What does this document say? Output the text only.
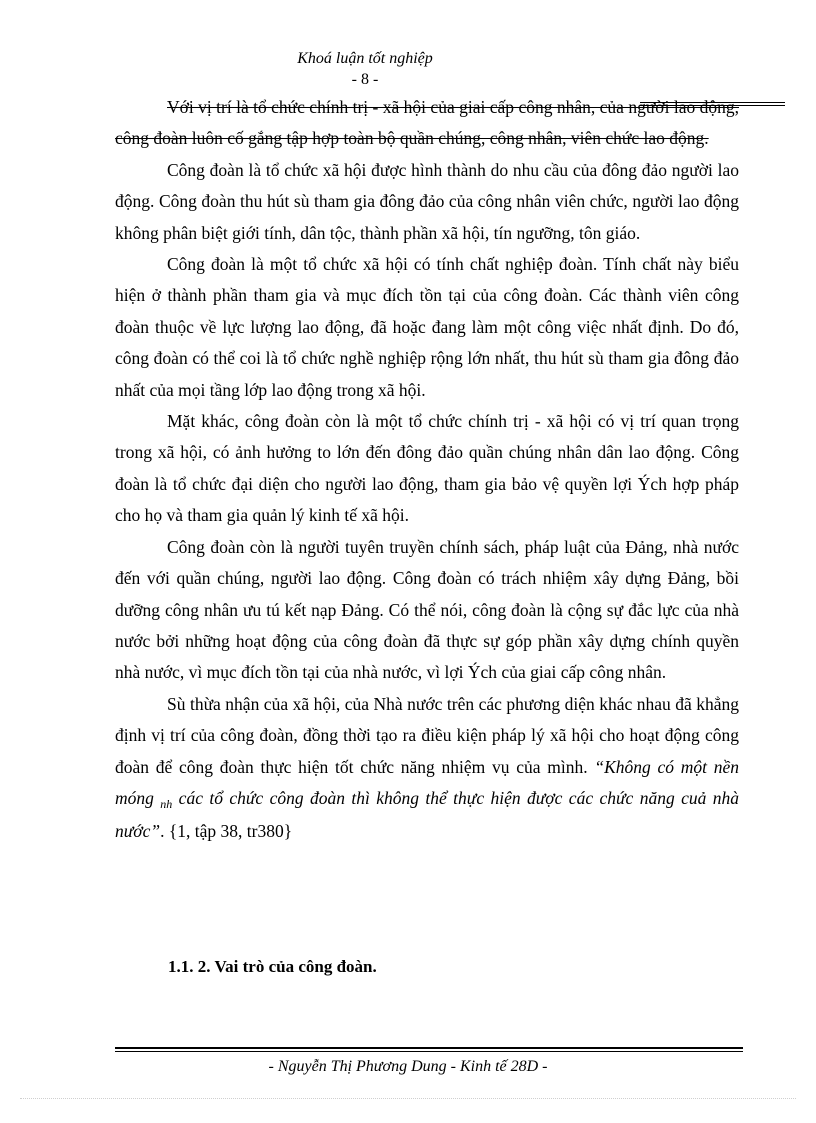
Khoá luận tốt nghiệp
- 8 -

Với vị trí là tổ chức chính trị - xã hội của giai cấp công nhân, của người lao động, công đoàn luôn cố gắng tập hợp toàn bộ quần chúng, công nhân, viên chức lao động.

Công đoàn là tổ chức xã hội được hình thành do nhu cầu của đông đảo người lao động. Công đoàn thu hút sù tham gia đông đảo của công nhân viên chức, người lao động không phân biệt giới tính, dân tộc, thành phần xã hội, tín ngưỡng, tôn giáo.

Công đoàn là một tổ chức xã hội có tính chất nghiệp đoàn. Tính chất này biểu hiện ở thành phần tham gia và mục đích tồn tại của công đoàn. Các thành viên công đoàn thuộc về lực lượng lao động, đã hoặc đang làm một công việc nhất định. Do đó, công đoàn có thể coi là tổ chức nghề nghiệp rộng lớn nhất, thu hút sù tham gia đông đảo nhất của mọi tầng lớp lao động trong xã hội.

Mặt khác, công đoàn còn là một tổ chức chính trị - xã hội có vị trí quan trọng trong xã hội, có ảnh hưởng to lớn đến đông đảo quần chúng nhân dân lao động. Công đoàn là tổ chức đại diện cho người lao động, tham gia bảo vệ quyền lợi Ých hợp pháp cho họ và tham gia quản lý kinh tế xã hội.

Công đoàn còn là người tuyên truyền chính sách, pháp luật của Đảng, nhà nước đến với quần chúng, người lao động. Công đoàn có trách nhiệm xây dựng Đảng, bồi dưỡng công nhân ưu tú kết nạp Đảng. Có thể nói, công đoàn là cộng sự đắc lực của nhà nước bởi những hoạt động của công đoàn đã thực sự góp phần xây dựng chính quyền nhà nước, vì mục đích tồn tại của nhà nước, vì lợi Ých của giai cấp công nhân.

Sù thừa nhận của xã hội, của Nhà nước trên các phương diện khác nhau đã khẳng định vị trí của công đoàn, đồng thời tạo ra điều kiện pháp lý xã hội cho hoạt động công đoàn để công đoàn thực hiện tốt chức năng nhiệm vụ của mình. “Không có một nền móng $_{nh}$ các tổ chức công đoàn thì không thể thực hiện được các chức năng cuả nhà nước”. {1, tập 38, tr380}

1.1. 2. Vai trò của công đoàn.
- Nguyễn Thị Phương Dung - Kinh tế 28D -
